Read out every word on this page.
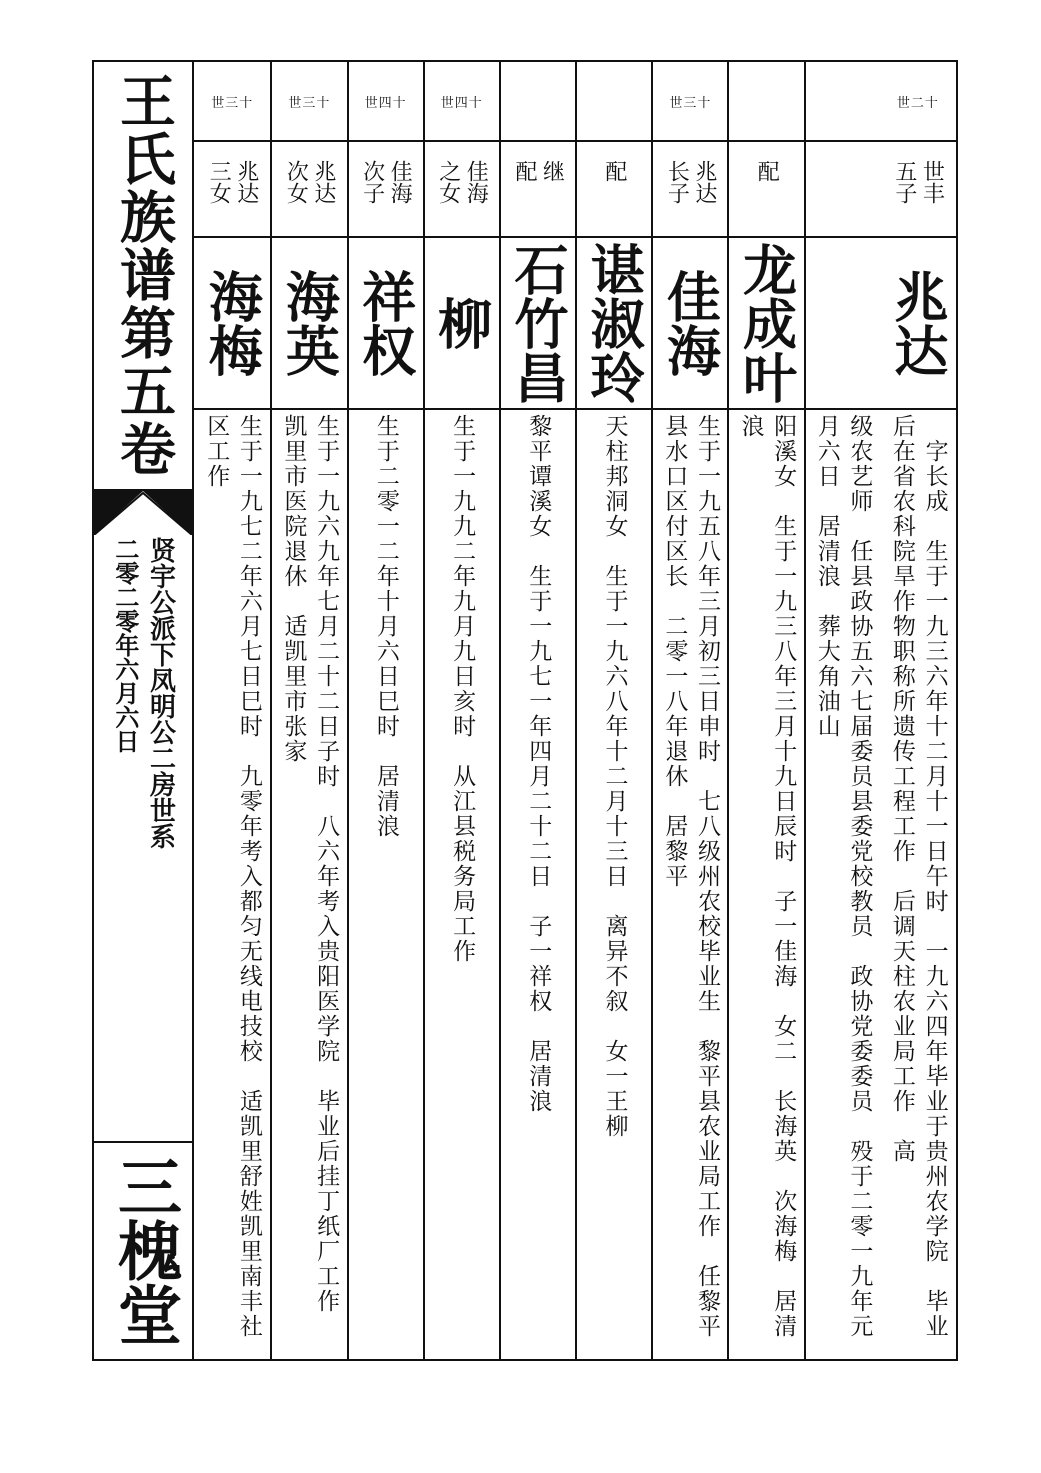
王氏族谱第五卷
贤宇公派下凤明公二房世系
二零二零年六月六日
三槐堂
世二十
世丰 五子
兆达
　字长成　生于一九三六年十二月十一日午时　一九六四年毕业于贵州农学院　毕业后在省农科院旱作物职称所遗传工程工作　后调天柱农业局工作　高
级农艺师　任县政协五六七届委员县委党校教员　政协党委委员　殁于二零一九年元月六日　居清浪　葬大角油山
配
龙成叶
阳溪女　生于一九三八年三月十九日辰时　子一佳海　女二　长海英　次海梅　居清浪
世三十
兆达 长子
佳海
生于一九五八年三月初三日申时　七八级州农校毕业生　黎平县农业局工作　任黎平县水口区付区长　二零一八年退休　居黎平
配
谌淑玲
天柱邦洞女　生于一九六八年十二月十三日　离异不叙　女一王柳
继 配
石竹昌
黎平谭溪女　生于一九七一年四月二十二日　子一祥权　居清浪
世四十
佳海 之女
柳
生于一九九二年九月九日亥时　从江县税务局工作
世四十
佳海 次子
祥权
生于二零一二年十月六日巳时　居清浪
世三十
兆达 次女
海英
生于一九六九年七月二十二日子时　八六年考入贵阳医学院　毕业后挂丁纸厂工作　凯里市医院退休　适凯里市张家
世三十
兆达 三女
海梅
生于一九七二年六月七日巳时　九零年考入都匀无线电技校　适凯里舒姓凯里南丰社区工作
